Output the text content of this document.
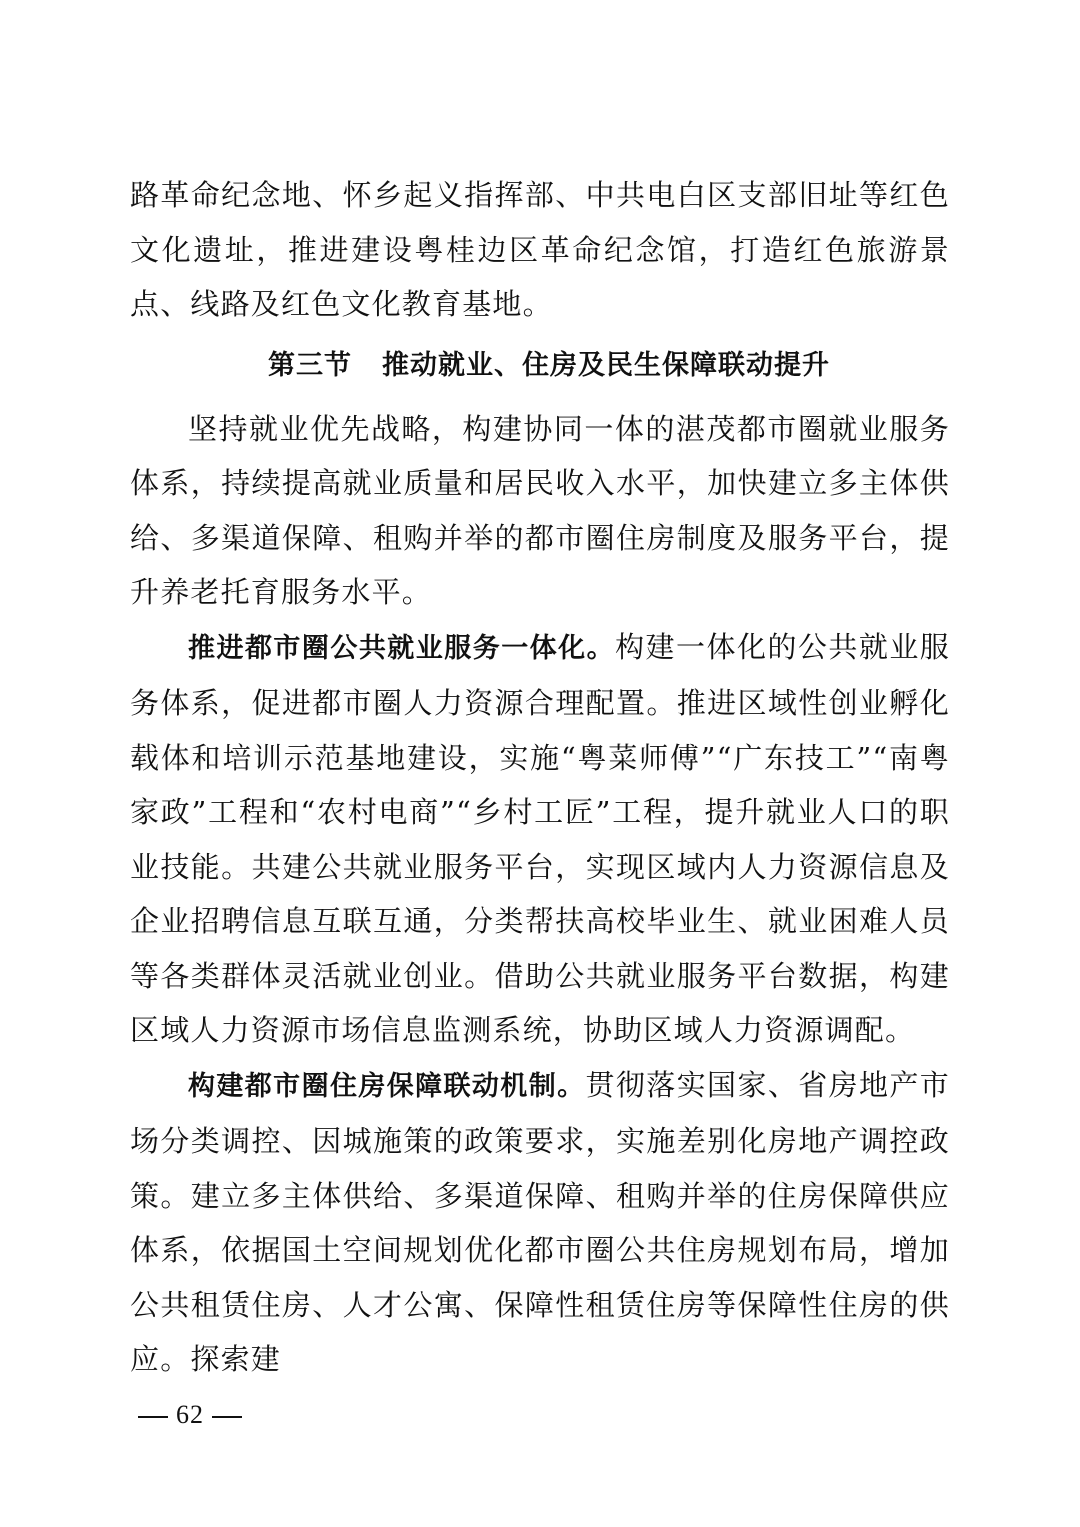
路革命纪念地、怀乡起义指挥部、中共电白区支部旧址等红色文化遗址，推进建设粤桂边区革命纪念馆，打造红色旅游景点、线路及红色文化教育基地。

第三节 推动就业、住房及民生保障联动提升

坚持就业优先战略，构建协同一体的湛茂都市圈就业服务体系，持续提高就业质量和居民收入水平，加快建立多主体供给、多渠道保障、租购并举的都市圈住房制度及服务平台，提升养老托育服务水平。

推进都市圈公共就业服务一体化。构建一体化的公共就业服务体系，促进都市圈人力资源合理配置。推进区域性创业孵化载体和培训示范基地建设，实施“粤菜师傅”“广东技工”“南粤家政”工程和“农村电商”“乡村工匠”工程，提升就业人口的职业技能。共建公共就业服务平台，实现区域内人力资源信息及企业招聘信息互联互通，分类帮扶高校毕业生、就业困难人员等各类群体灵活就业创业。借助公共就业服务平台数据，构建区域人力资源市场信息监测系统，协助区域人力资源调配。

构建都市圈住房保障联动机制。贯彻落实国家、省房地产市场分类调控、因城施策的政策要求，实施差别化房地产调控政策。建立多主体供给、多渠道保障、租购并举的住房保障供应体系，依据国土空间规划优化都市圈公共住房规划布局，增加公共租赁住房、人才公寓、保障性租赁住房等保障性住房的供应。探索建

62
